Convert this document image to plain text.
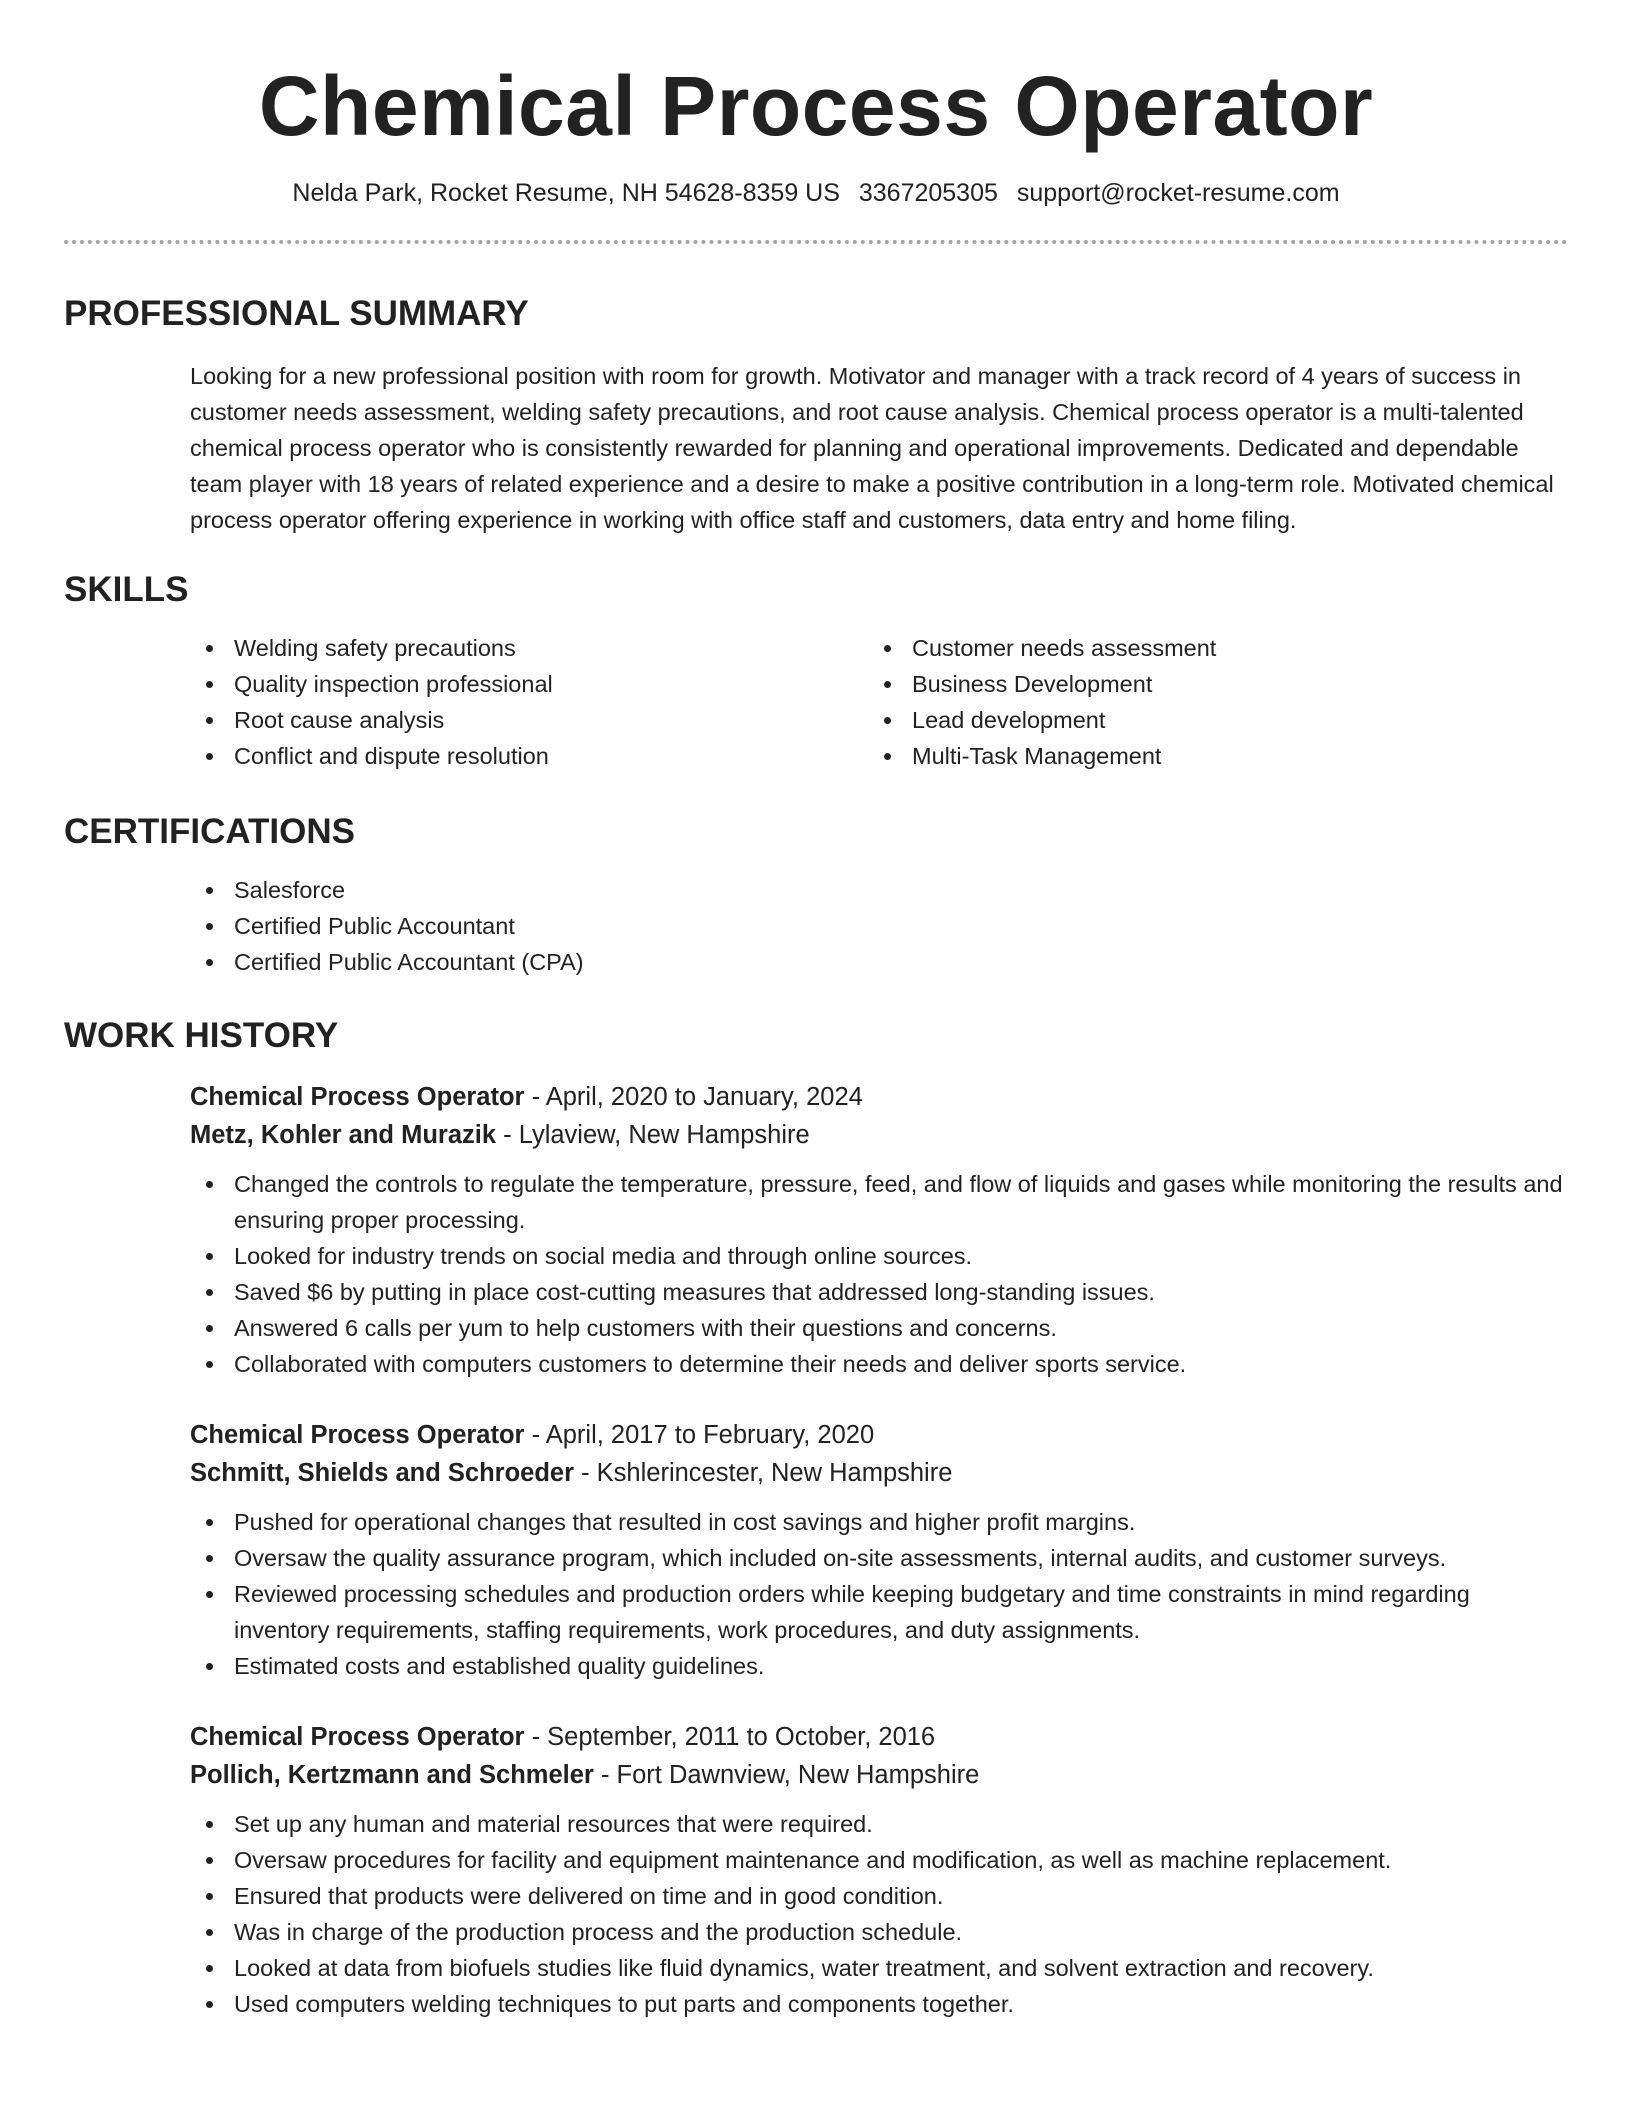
Chemical Process Operator
Nelda Park, Rocket Resume, NH 54628-8359 US 3367205305 support@rocket-resume.com
PROFESSIONAL SUMMARY

Looking for a new professional position with room for growth. Motivator and manager with a track record of 4 years of success in customer needs assessment, welding safety precautions, and root cause analysis. Chemical process operator is a multi-talented chemical process operator who is consistently rewarded for planning and operational improvements. Dedicated and dependable team player with 18 years of related experience and a desire to make a positive contribution in a long-term role. Motivated chemical process operator offering experience in working with office staff and customers, data entry and home filing.

SKILLS
Welding safety precautions
Quality inspection professional
Root cause analysis
Conflict and dispute resolution
Customer needs assessment
Business Development
Lead development
Multi-Task Management
CERTIFICATIONS
Salesforce
Certified Public Accountant
Certified Public Accountant (CPA)
WORK HISTORY
Chemical Process Operator - April, 2020 to January, 2024
Metz, Kohler and Murazik - Lylaview, New Hampshire
Changed the controls to regulate the temperature, pressure, feed, and flow of liquids and gases while monitoring the results and ensuring proper processing.
Looked for industry trends on social media and through online sources.
Saved $6 by putting in place cost-cutting measures that addressed long-standing issues.
Answered 6 calls per yum to help customers with their questions and concerns.
Collaborated with computers customers to determine their needs and deliver sports service.
Chemical Process Operator - April, 2017 to February, 2020
Schmitt, Shields and Schroeder - Kshlerincester, New Hampshire
Pushed for operational changes that resulted in cost savings and higher profit margins.
Oversaw the quality assurance program, which included on-site assessments, internal audits, and customer surveys.
Reviewed processing schedules and production orders while keeping budgetary and time constraints in mind regarding inventory requirements, staffing requirements, work procedures, and duty assignments.
Estimated costs and established quality guidelines.
Chemical Process Operator - September, 2011 to October, 2016
Pollich, Kertzmann and Schmeler - Fort Dawnview, New Hampshire
Set up any human and material resources that were required.
Oversaw procedures for facility and equipment maintenance and modification, as well as machine replacement.
Ensured that products were delivered on time and in good condition.
Was in charge of the production process and the production schedule.
Looked at data from biofuels studies like fluid dynamics, water treatment, and solvent extraction and recovery.
Used computers welding techniques to put parts and components together.
